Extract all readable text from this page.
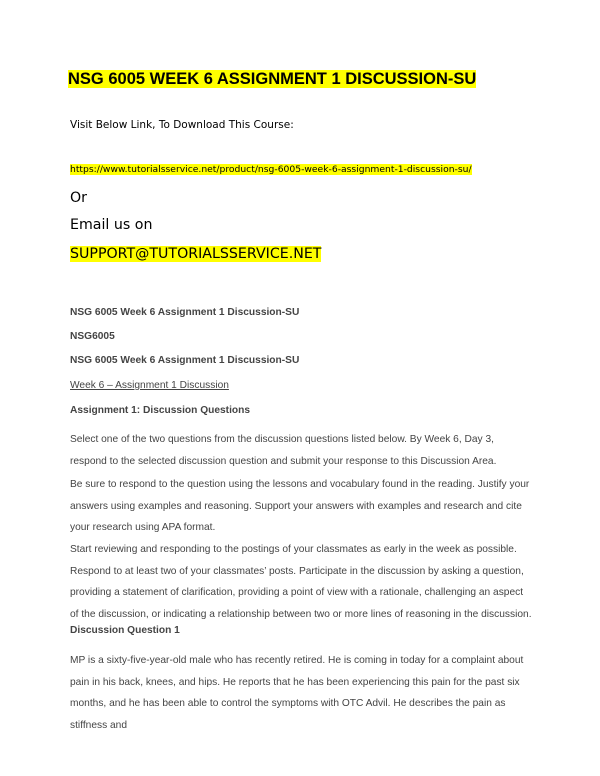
NSG 6005 WEEK 6 ASSIGNMENT 1 DISCUSSION-SU
Visit Below Link, To Download This Course:
https://www.tutorialsservice.net/product/nsg-6005-week-6-assignment-1-discussion-su/
Or
Email us on
SUPPORT@TUTORIALSSERVICE.NET
NSG 6005 Week 6 Assignment 1 Discussion-SU
NSG6005
NSG 6005 Week 6 Assignment 1 Discussion-SU
Week 6 – Assignment 1 Discussion
Assignment 1: Discussion Questions

Select one of the two questions from the discussion questions listed below. By Week 6, Day 3, respond to the selected discussion question and submit your response to this Discussion Area.

Be sure to respond to the question using the lessons and vocabulary found in the reading. Justify your answers using examples and reasoning. Support your answers with examples and research and cite your research using APA format.

Start reviewing and responding to the postings of your classmates as early in the week as possible. Respond to at least two of your classmates’ posts. Participate in the discussion by asking a question, providing a statement of clarification, providing a point of view with a rationale, challenging an aspect of the discussion, or indicating a relationship between two or more lines of reasoning in the discussion.

Discussion Question 1

MP is a sixty-five-year-old male who has recently retired. He is coming in today for a complaint about pain in his back, knees, and hips. He reports that he has been experiencing this pain for the past six months, and he has been able to control the symptoms with OTC Advil. He describes the pain as stiffness and
